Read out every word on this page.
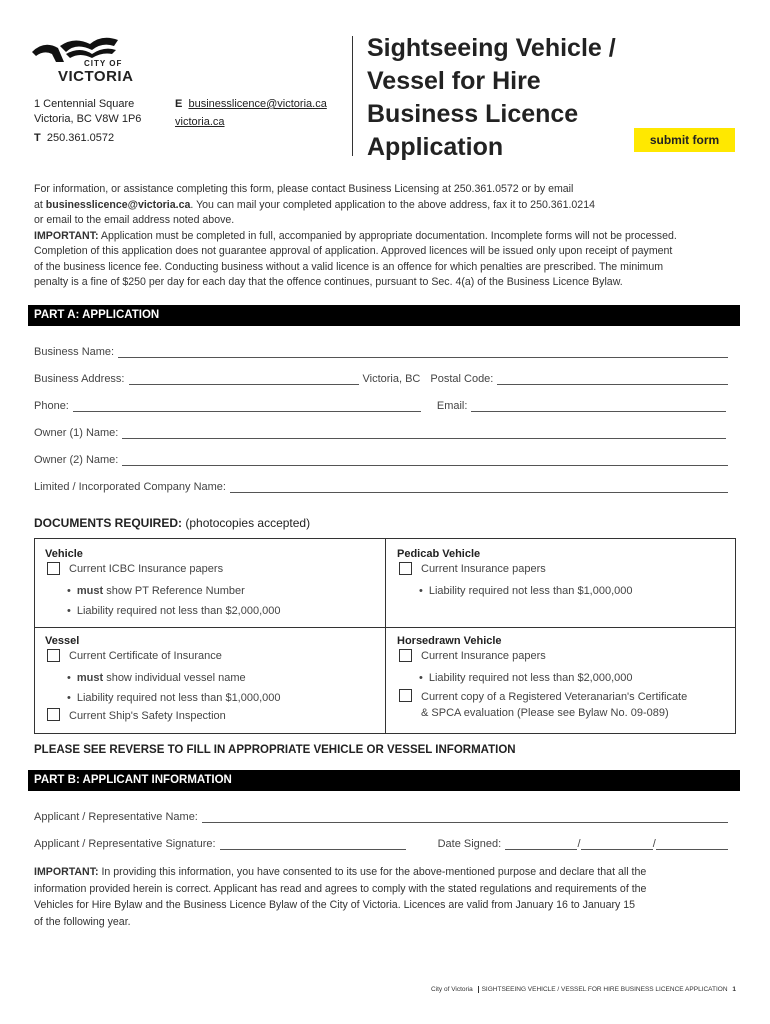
CITY OF
VICTORIA
1 Centennial Square
Victoria, BC V8W 1P6
T 250.361.0572
E businesslicence@victoria.ca
victoria.ca
Sightseeing Vehicle /
Vessel for Hire
Business Licence
Application	submit form
For information, or assistance completing this form, please contact Business Licensing at 250.361.0572 or by email
at businesslicence@victoria.ca. You can mail your completed application to the above address, fax it to 250.361.0214
or email to the email address noted above.
IMPORTANT: Application must be completed in full, accompanied by appropriate documentation. Incomplete forms will not be processed.
Completion of this application does not guarantee approval of application. Approved licences will be issued only upon receipt of payment
of the business licence fee. Conducting business without a valid licence is an offence for which penalties are prescribed. The minimum
penalty is a fine of $250 per day for each day that the offence continues, pursuant to Sec. 4(a) of the Business Licence Bylaw.
PART A: APPLICATION
Business Name:
Business Address:	Victoria, BC Postal Code:
Phone:	Email:
Owner (1) Name:
Owner (2) Name:
Limited / Incorporated Company Name:
DOCUMENTS REQUIRED: (photocopies accepted)
Vehicle
Current ICBC Insurance papers
• must show PT Reference Number
• Liability required not less than $2,000,000
Pedicab Vehicle
Current Insurance papers
• Liability required not less than $1,000,000
Vessel
Current Certificate of Insurance
• must show individual vessel name
• Liability required not less than $1,000,000
Current Ship's Safety Inspection
Horsedrawn Vehicle
Current Insurance papers
• Liability required not less than $2,000,000
Current copy of a Registered Veteranarian's Certificate
& SPCA evaluation (Please see Bylaw No. 09-089)
PLEASE SEE REVERSE TO FILL IN APPROPRIATE VEHICLE OR VESSEL INFORMATION
PART B: APPLICANT INFORMATION
Applicant / Representative Name:
Applicant / Representative Signature:	Date Signed:	/	/
IMPORTANT: In providing this information, you have consented to its use for the above-mentioned purpose and declare that all the
information provided herein is correct. Applicant has read and agrees to comply with the stated regulations and requirements of the
Vehicles for Hire Bylaw and the Business Licence Bylaw of the City of Victoria. Licences are valid from January 16 to January 15
of the following year.
City of Victoria SIGHTSEEING VEHICLE / VESSEL FOR HIRE BUSINESS LICENCE APPLICATION 1
